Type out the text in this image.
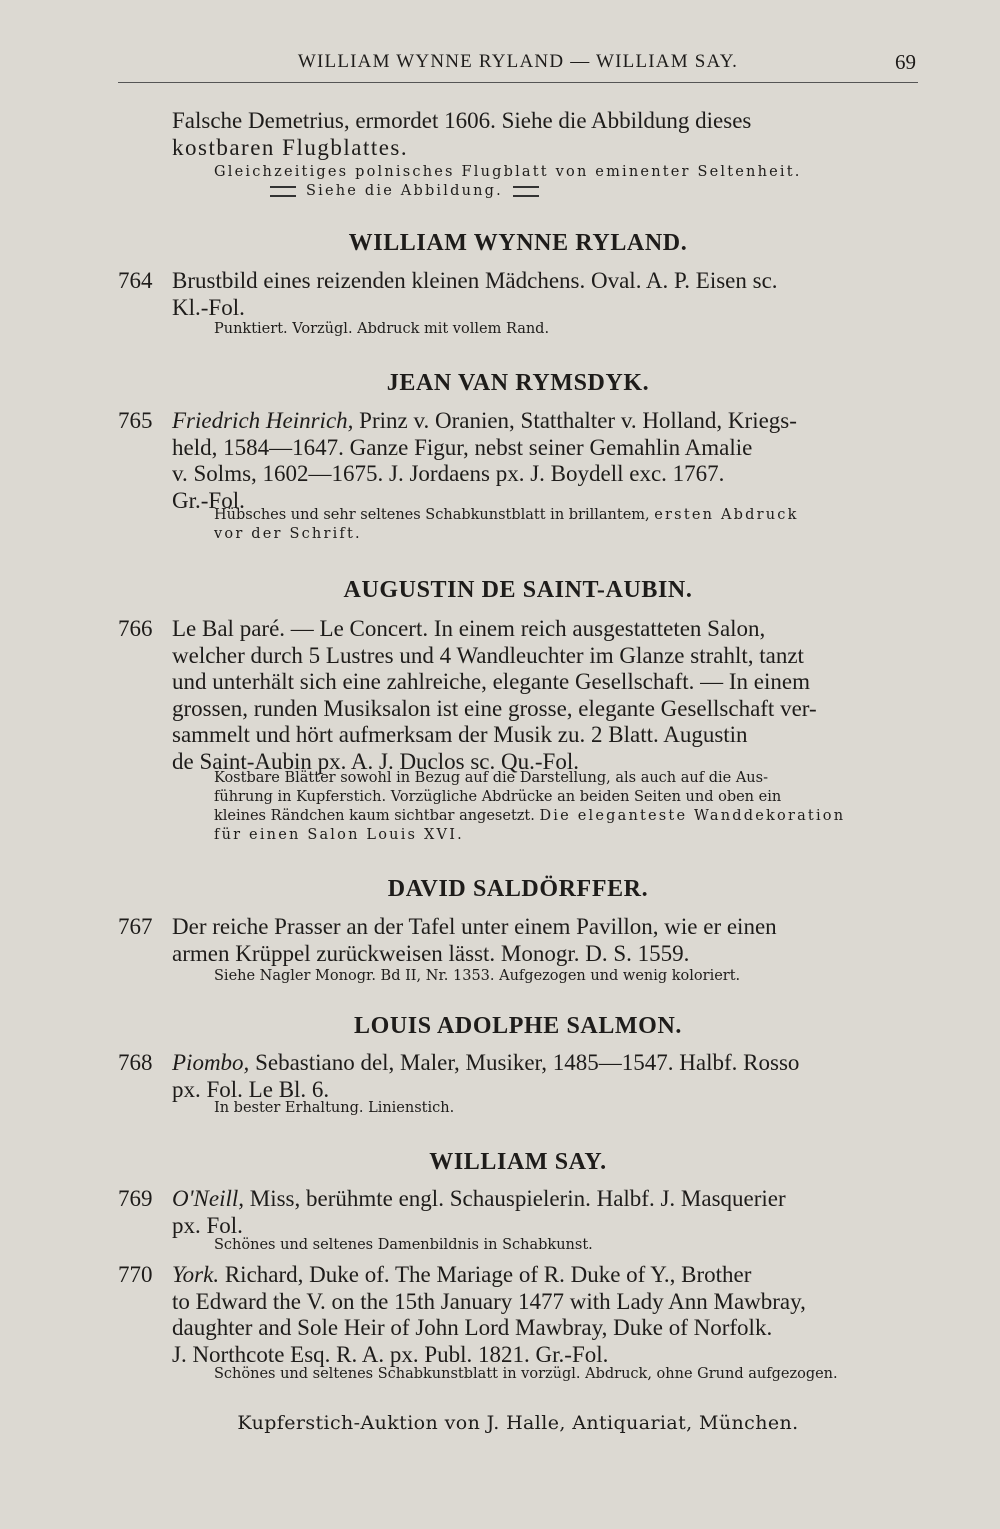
WILLIAM WYNNE RYLAND — WILLIAM SAY.	69
Falsche Demetrius, ermordet 1606. Siehe die Abbildung dieses
kostbaren Flugblattes.
Gleichzeitiges polnisches Flugblatt von eminenter Seltenheit.
Siehe die Abbildung.
WILLIAM WYNNE RYLAND.
764 Brustbild eines reizenden kleinen Mädchens. Oval. A. P. Eisen sc.
Kl.-Fol.
Punktiert. Vorzügl. Abdruck mit vollem Rand.
JEAN VAN RYMSDYK.
765 Friedrich Heinrich, Prinz v. Oranien, Statthalter v. Holland, Kriegs-
held, 1584—1647. Ganze Figur, nebst seiner Gemahlin Amalie
v. Solms, 1602—1675. J. Jordaens px. J. Boydell exc. 1767.
Gr.-Fol.
Hübsches und sehr seltenes Schabkunstblatt in brillantem, ersten Abdruck
vor der Schrift.
AUGUSTIN DE SAINT-AUBIN.
766 Le Bal paré. — Le Concert. In einem reich ausgestatteten Salon,
welcher durch 5 Lustres und 4 Wandleuchter im Glanze strahlt, tanzt
und unterhält sich eine zahlreiche, elegante Gesellschaft. — In einem
grossen, runden Musiksalon ist eine grosse, elegante Gesellschaft ver-
sammelt und hört aufmerksam der Musik zu. 2 Blatt. Augustin
de Saint-Aubin px. A. J. Duclos sc. Qu.-Fol.
Kostbare Blätter sowohl in Bezug auf die Darstellung, als auch auf die Aus-
führung in Kupferstich. Vorzügliche Abdrücke an beiden Seiten und oben ein
kleines Rändchen kaum sichtbar angesetzt. Die eleganteste Wanddekoration
für einen Salon Louis XVI.
DAVID SALDÖRFFER.
767 Der reiche Prasser an der Tafel unter einem Pavillon, wie er einen
armen Krüppel zurückweisen lässt. Monogr. D. S. 1559.
Siehe Nagler Monogr. Bd II, Nr. 1353. Aufgezogen und wenig koloriert.
LOUIS ADOLPHE SALMON.
768 Piombo, Sebastiano del, Maler, Musiker, 1485—1547. Halbf. Rosso
px. Fol. Le Bl. 6.
In bester Erhaltung. Linienstich.
WILLIAM SAY.
769 O'Neill, Miss, berühmte engl. Schauspielerin. Halbf. J. Masquerier
px. Fol.
Schönes und seltenes Damenbildnis in Schabkunst.
770 York. Richard, Duke of. The Mariage of R. Duke of Y., Brother
to Edward the V. on the 15th January 1477 with Lady Ann Mawbray,
daughter and Sole Heir of John Lord Mawbray, Duke of Norfolk.
J. Northcote Esq. R. A. px. Publ. 1821. Gr.-Fol.
Schönes und seltenes Schabkunstblatt in vorzügl. Abdruck, ohne Grund aufgezogen.
Kupferstich-Auktion von J. Halle, Antiquariat, München.
